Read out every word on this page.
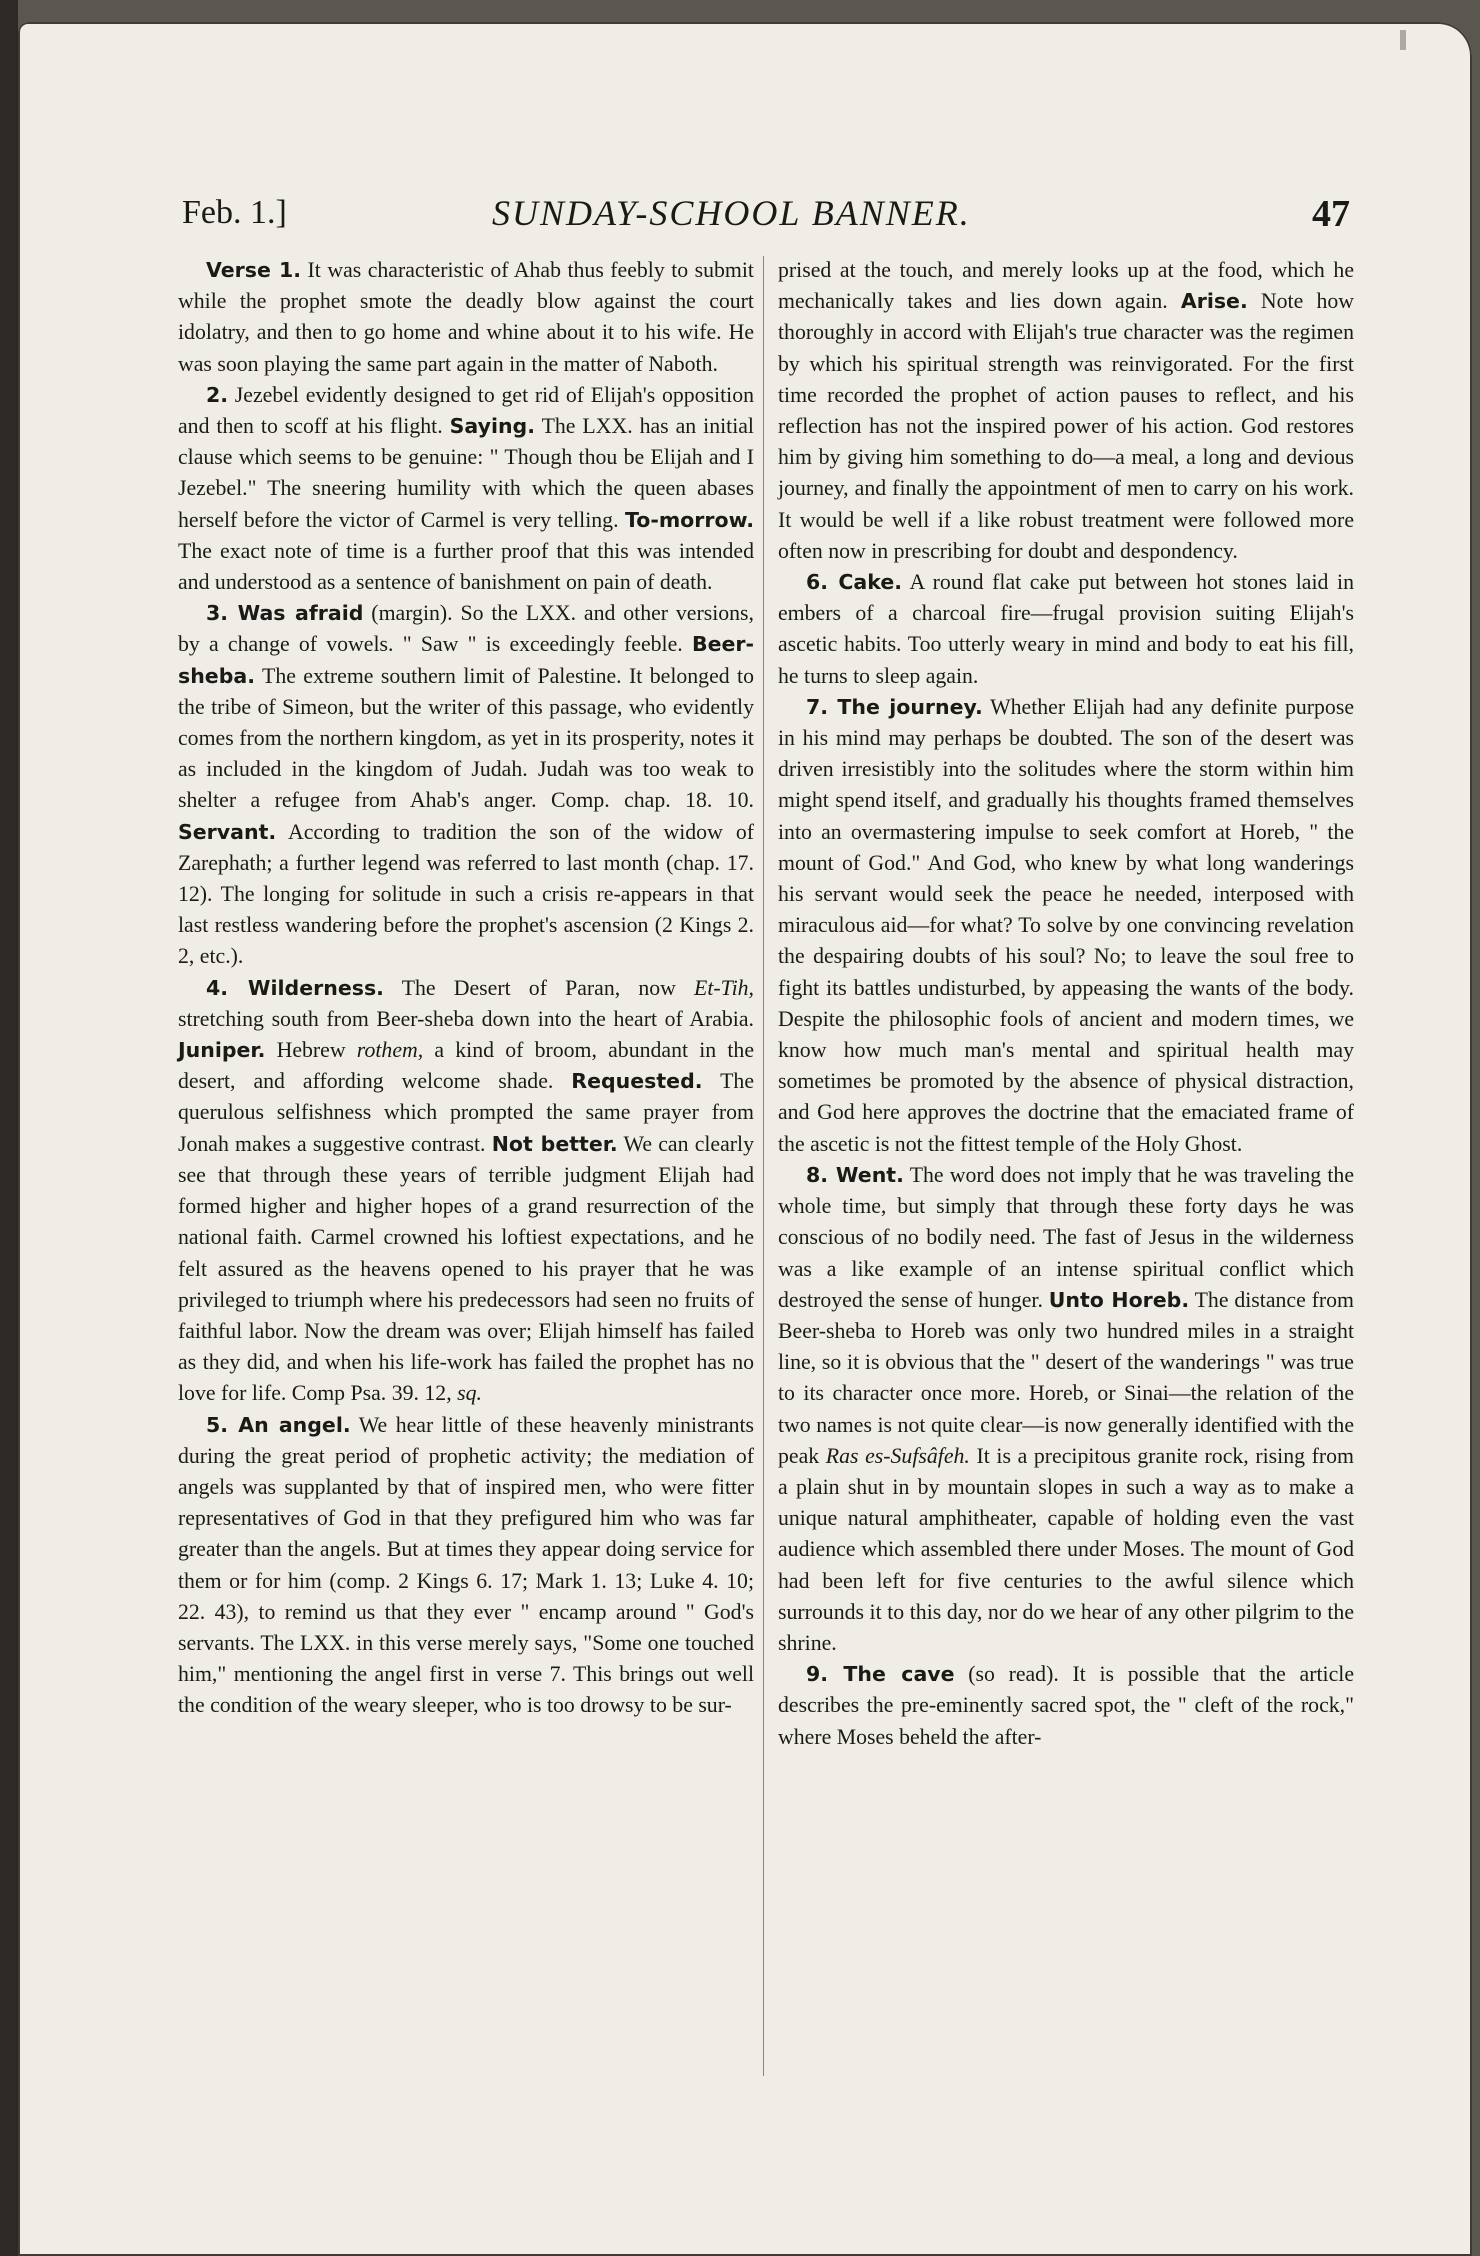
Feb. 1.]	SUNDAY-SCHOOL BANNER.	47

Verse 1. It was characteristic of Ahab thus feebly to submit while the prophet smote the deadly blow against the court idolatry, and then to go home and whine about it to his wife. He was soon playing the same part again in the matter of Naboth.

2. Jezebel evidently designed to get rid of Elijah's opposition and then to scoff at his flight. Saying. The LXX. has an initial clause which seems to be genuine: " Though thou be Elijah and I Jezebel." The sneering humility with which the queen abases herself before the victor of Carmel is very telling. To-morrow. The exact note of time is a further proof that this was intended and understood as a sentence of banishment on pain of death.

3. Was afraid (margin). So the LXX. and other versions, by a change of vowels. " Saw " is exceedingly feeble. Beer-sheba. The extreme southern limit of Palestine. It belonged to the tribe of Simeon, but the writer of this passage, who evidently comes from the northern kingdom, as yet in its prosperity, notes it as included in the kingdom of Judah. Judah was too weak to shelter a refugee from Ahab's anger. Comp. chap. 18. 10. Servant. According to tradition the son of the widow of Zarephath; a further legend was referred to last month (chap. 17. 12). The longing for solitude in such a crisis re-appears in that last restless wandering before the prophet's ascension (2 Kings 2. 2, etc.).

4. Wilderness. The Desert of Paran, now Et-Tih, stretching south from Beer-sheba down into the heart of Arabia. Juniper. Hebrew rothem, a kind of broom, abundant in the desert, and affording welcome shade. Requested. The querulous selfishness which prompted the same prayer from Jonah makes a suggestive contrast. Not better. We can clearly see that through these years of terrible judgment Elijah had formed higher and higher hopes of a grand resurrection of the national faith. Carmel crowned his loftiest expectations, and he felt assured as the heavens opened to his prayer that he was privileged to triumph where his predecessors had seen no fruits of faithful labor. Now the dream was over; Elijah himself has failed as they did, and when his life-work has failed the prophet has no love for life. Comp Psa. 39. 12, sq.

5. An angel. We hear little of these heavenly ministrants during the great period of prophetic activity; the mediation of angels was supplanted by that of inspired men, who were fitter representatives of God in that they prefigured him who was far greater than the angels. But at times they appear doing service for them or for him (comp. 2 Kings 6. 17; Mark 1. 13; Luke 4. 10; 22. 43), to remind us that they ever " encamp around " God's servants. The LXX. in this verse merely says, "Some one touched him," mentioning the angel first in verse 7. This brings out well the condition of the weary sleeper, who is too drowsy to be sur-

prised at the touch, and merely looks up at the food, which he mechanically takes and lies down again. Arise. Note how thoroughly in accord with Elijah's true character was the regimen by which his spiritual strength was reinvigorated. For the first time recorded the prophet of action pauses to reflect, and his reflection has not the inspired power of his action. God restores him by giving him something to do—a meal, a long and devious journey, and finally the appointment of men to carry on his work. It would be well if a like robust treatment were followed more often now in prescribing for doubt and despondency.

6. Cake. A round flat cake put between hot stones laid in embers of a charcoal fire—frugal provision suiting Elijah's ascetic habits. Too utterly weary in mind and body to eat his fill, he turns to sleep again.

7. The journey. Whether Elijah had any definite purpose in his mind may perhaps be doubted. The son of the desert was driven irresistibly into the solitudes where the storm within him might spend itself, and gradually his thoughts framed themselves into an overmastering impulse to seek comfort at Horeb, " the mount of God." And God, who knew by what long wanderings his servant would seek the peace he needed, interposed with miraculous aid—for what? To solve by one convincing revelation the despairing doubts of his soul? No; to leave the soul free to fight its battles undisturbed, by appeasing the wants of the body. Despite the philosophic fools of ancient and modern times, we know how much man's mental and spiritual health may sometimes be promoted by the absence of physical distraction, and God here approves the doctrine that the emaciated frame of the ascetic is not the fittest temple of the Holy Ghost.

8. Went. The word does not imply that he was traveling the whole time, but simply that through these forty days he was conscious of no bodily need. The fast of Jesus in the wilderness was a like example of an intense spiritual conflict which destroyed the sense of hunger. Unto Horeb. The distance from Beer-sheba to Horeb was only two hundred miles in a straight line, so it is obvious that the " desert of the wanderings " was true to its character once more. Horeb, or Sinai—the relation of the two names is not quite clear—is now generally identified with the peak Ras es-Sufsâfeh. It is a precipitous granite rock, rising from a plain shut in by mountain slopes in such a way as to make a unique natural amphitheater, capable of holding even the vast audience which assembled there under Moses. The mount of God had been left for five centuries to the awful silence which surrounds it to this day, nor do we hear of any other pilgrim to the shrine.

9. The cave (so read). It is possible that the article describes the pre-eminently sacred spot, the " cleft of the rock," where Moses beheld the after-
